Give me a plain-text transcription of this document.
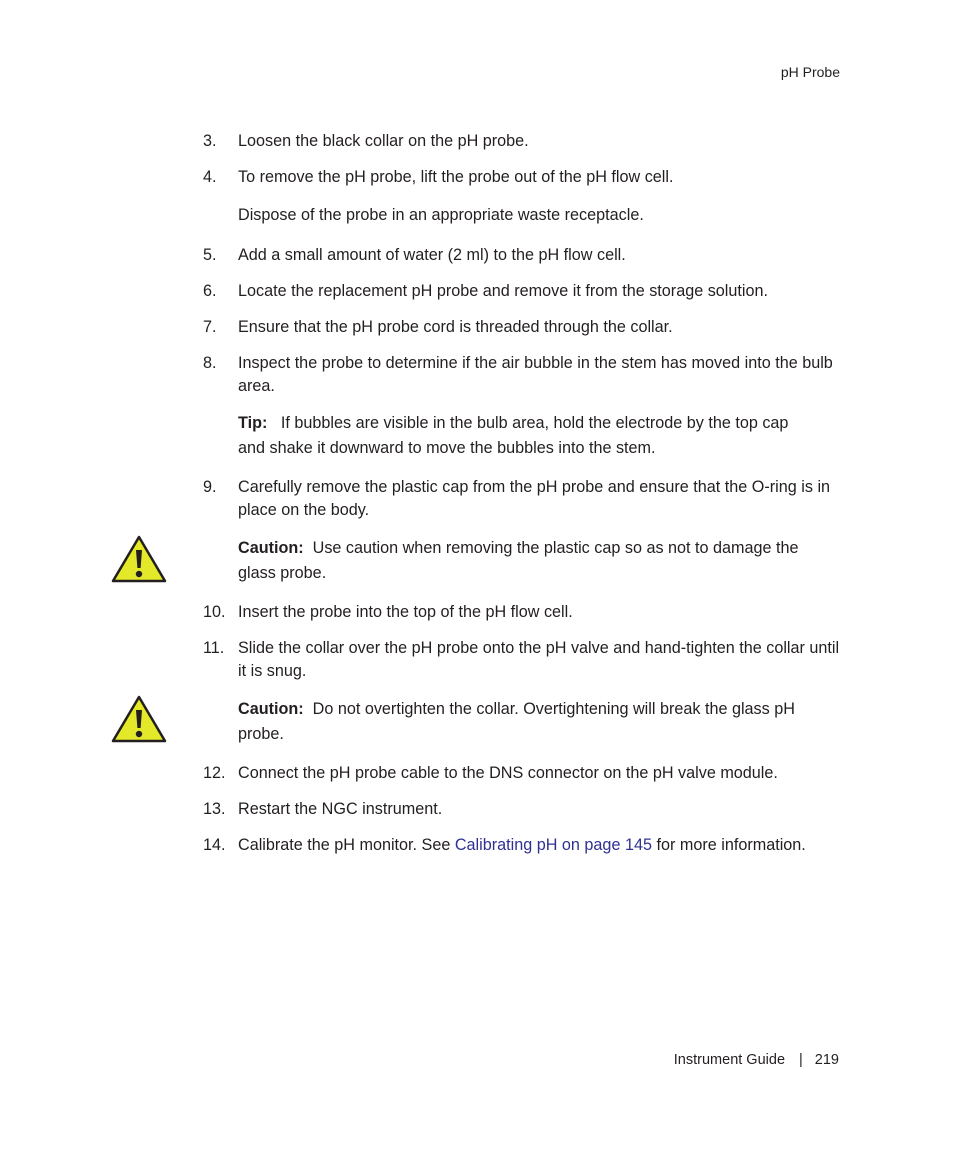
pH Probe
3. Loosen the black collar on the pH probe.
4. To remove the pH probe, lift the probe out of the pH flow cell.
Dispose of the probe in an appropriate waste receptacle.
5. Add a small amount of water (2 ml) to the pH flow cell.
6. Locate the replacement pH probe and remove it from the storage solution.
7. Ensure that the pH probe cord is threaded through the collar.
8. Inspect the probe to determine if the air bubble in the stem has moved into the bulb area.
Tip: If bubbles are visible in the bulb area, hold the electrode by the top cap and shake it downward to move the bubbles into the stem.
9. Carefully remove the plastic cap from the pH probe and ensure that the O-ring is in place on the body.
Caution: Use caution when removing the plastic cap so as not to damage the glass probe.
10. Insert the probe into the top of the pH flow cell.
11. Slide the collar over the pH probe onto the pH valve and hand-tighten the collar until it is snug.
Caution: Do not overtighten the collar. Overtightening will break the glass pH probe.
12. Connect the pH probe cable to the DNS connector on the pH valve module.
13. Restart the NGC instrument.
14. Calibrate the pH monitor. See Calibrating pH on page 145 for more information.
Instrument Guide | 219
